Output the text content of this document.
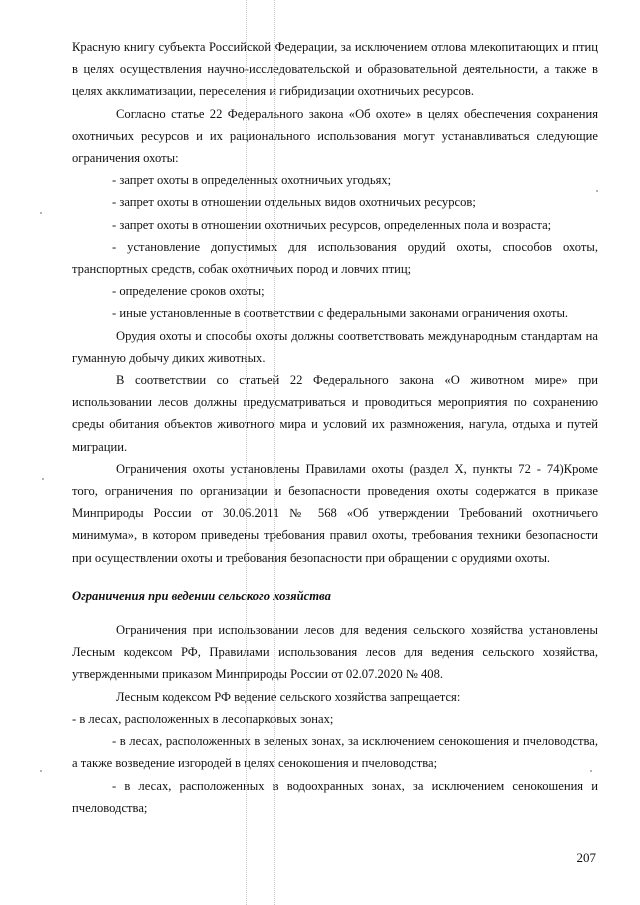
Красную книгу субъекта Российской Федерации, за исключением отлова млекопитающих и птиц в целях осуществления научно-исследовательской и образовательной деятельности, а также в целях акклиматизации, переселения и гибридизации охотничьих ресурсов.

Согласно статье 22 Федерального закона «Об охоте» в целях обеспечения сохранения охотничьих ресурсов и их рационального использования могут устанавливаться следующие ограничения охоты:

- запрет охоты в определенных охотничьих угодьях;

- запрет охоты в отношении отдельных видов охотничьих ресурсов;

- запрет охоты в отношении охотничьих ресурсов, определенных пола и возраста;

- установление допустимых для использования орудий охоты, способов охоты, транспортных средств, собак охотничьих пород и ловчих птиц;

- определение сроков охоты;

- иные установленные в соответствии с федеральными законами ограничения охоты.

Орудия охоты и способы охоты должны соответствовать международным стандартам на гуманную добычу диких животных.

В соответствии со статьей 22 Федерального закона «О животном мире» при использовании лесов должны предусматриваться и проводиться мероприятия по сохранению среды обитания объектов животного мира и условий их размножения, нагула, отдыха и путей миграции.

Ограничения охоты установлены Правилами охоты (раздел X, пункты 72 - 74)Кроме того, ограничения по организации и безопасности проведения охоты содержатся в приказе Минприроды России от 30.06.2011 № 568 «Об утверждении Требований охотничьего минимума», в котором приведены требования правил охоты, требования техники безопасности при осуществлении охоты и требования безопасности при обращении с орудиями охоты.

Ограничения при ведении сельского хозяйства

Ограничения при использовании лесов для ведения сельского хозяйства установлены Лесным кодексом РФ, Правилами использования лесов для ведения сельского хозяйства, утвержденными приказом Минприроды России от 02.07.2020 № 408.

Лесным кодексом РФ ведение сельского хозяйства запрещается:

- в лесах, расположенных в лесопарковых зонах;

- в лесах, расположенных в зеленых зонах, за исключением сенокошения и пчеловодства, а также возведение изгородей в целях сенокошения и пчеловодства;

- в лесах, расположенных в водоохранных зонах, за исключением сенокошения и пчеловодства;

207
